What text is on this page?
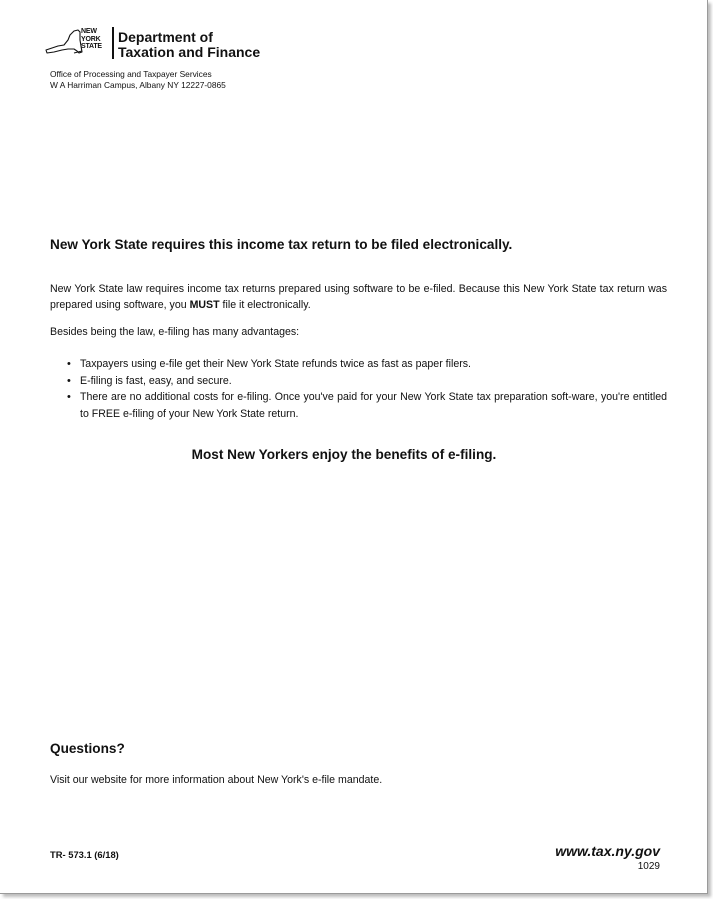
NEW
YORK
STATE
Department of
Taxation and Finance
Office of Processing and Taxpayer Services
W A Harriman Campus, Albany NY 12227-0865
New York State requires this income tax return to be filed electronically.
New York State law requires income tax returns prepared using software to be e-filed. Because this New York State tax return was prepared using software, you MUST file it electronically.
Besides being the law, e-filing has many advantages:
• Taxpayers using e-file get their New York State refunds twice as fast as paper filers.
• E-filing is fast, easy, and secure.
• There are no additional costs for e-filing. Once you've paid for your New York State tax preparation soft-ware, you're entitled to FREE e-filing of your New York State return.
Most New Yorkers enjoy the benefits of e-filing.
Questions?
Visit our website for more information about New York's e-file mandate.
TR- 573.1 (6/18)	www.tax.ny.gov
1029
